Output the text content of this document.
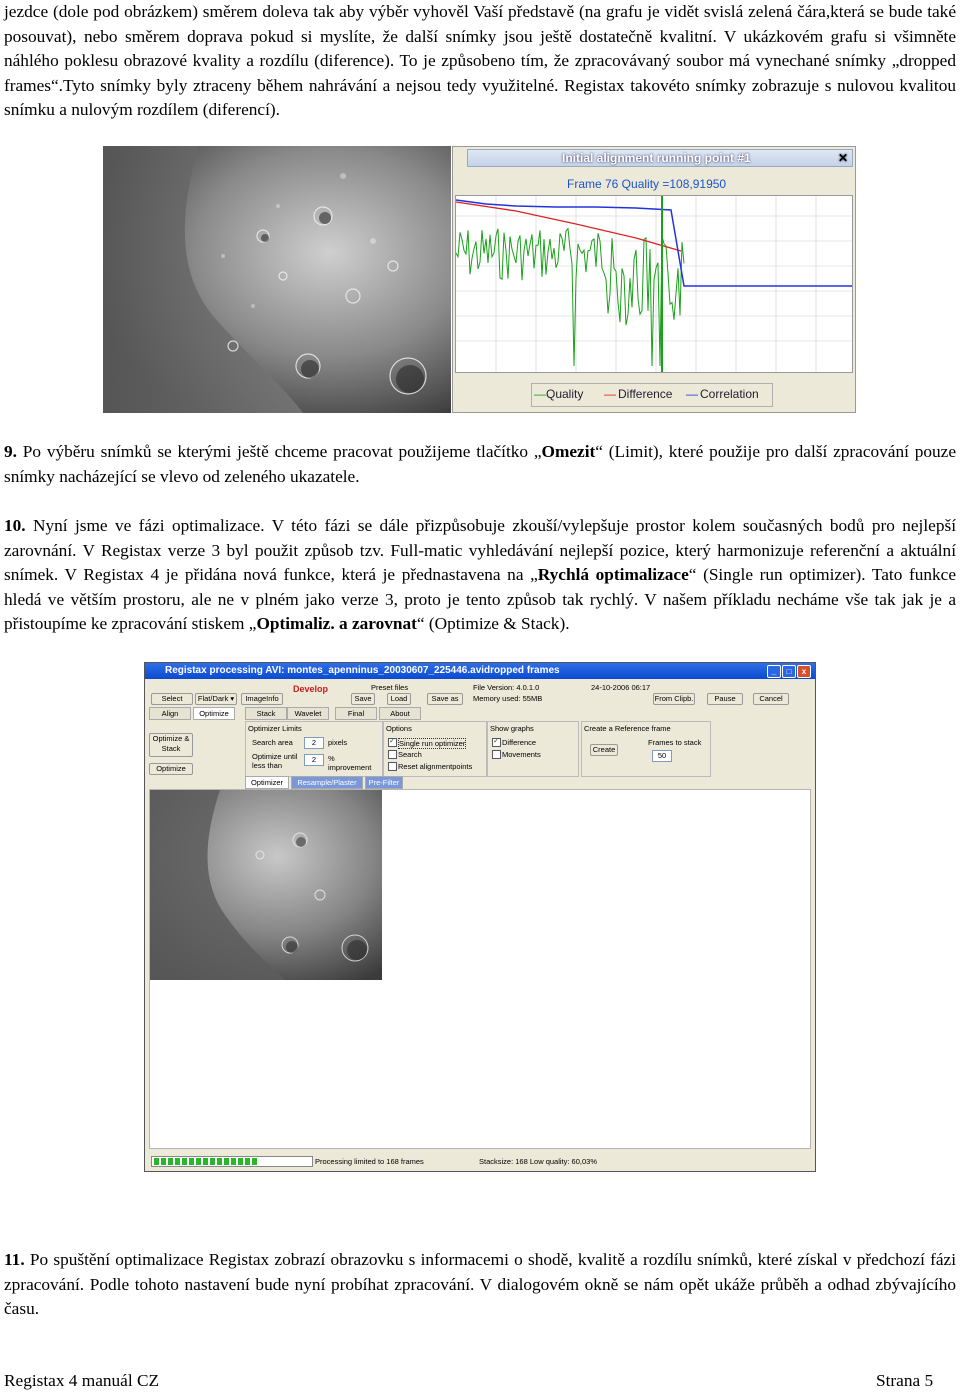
jezdce (dole pod obrázkem) směrem doleva tak aby výběr vyhověl Vaší představě (na grafu je vidět svislá zelená čára,která se bude také posouvat), nebo směrem doprava pokud si myslíte, že další snímky jsou ještě dostatečně kvalitní. V ukázkovém grafu si všimněte náhlého poklesu obrazové kvality a rozdílu (diference). To je způsobeno tím, že zpracovávaný soubor má vynechané snímky „dropped frames“.Tyto snímky byly ztraceny během nahrávání a nejsou tedy využitelné. Registax takovéto snímky zobrazuje s nulovou kvalitou snímku a nulovým rozdílem (diferencí).
Initial alignment running point #1	✕
Frame 76 Quality =108,91950
— Quality — Difference — Correlation
9. Po výběru snímků se kterými ještě chceme pracovat použijeme tlačítko „Omezit“ (Limit), které použije pro další zpracování pouze snímky nacházející se vlevo od zeleného ukazatele.
10. Nyní jsme ve fázi optimalizace. V této fázi se dále přizpůsobuje zkouší/vylepšuje prostor kolem současných bodů pro nejlepší zarovnání. V Registax verze 3 byl použit způsob tzv. Full-matic vyhledávání nejlepší pozice, který harmonizuje referenční a aktuální snímek. V Registax 4 je přidána nová funkce, která je přednastavena na „Rychlá optimalizace“ (Single run optimizer). Tato funkce hledá ve větším prostoru, ale ne v plném jako verze 3, proto je tento způsob tak rychlý. V našem příkladu necháme vše tak jak je a přistoupíme ke zpracování stiskem „Optimaliz. a zarovnat“ (Optimize & Stack).
Registax processing AVI: montes_apenninus_20030607_225446.avidropped frames	_	□	x
Select	Flat/Dark ▾	ImageInfo
Develop	Preset files
Save	Load	Save as
File Version: 4.0.1.0
Memory used: 55MB
24-10-2006 06:17
From Clipb.	Pause	Cancel
Align	Optimize	Stack	Wavelet	Final	About
Optimize & Stack
Optimize
Optimizer Limits
Search area	2	pixels
Optimize until less than
2	% improvement
Options
✓
Single run optimizer
Search
Reset alignmentpoints
Show graphs
✓
Difference
Movements
Create a Reference frame
Create
Frames to stack
50
Optimizer	Resample/Plaster	Pre-Filter
Processing limited to 168 frames	Stacksize: 168 Low quality: 60,03%
11. Po spuštění optimalizace Registax zobrazí obrazovku s informacemi o shodě, kvalitě a rozdílu snímků, které získal v předchozí fázi zpracování. Podle tohoto nastavení bude nyní probíhat zpracování. V dialogovém okně se nám opět ukáže průběh a odhad zbývajícího času.
Registax 4 manuál CZ	Strana 5
